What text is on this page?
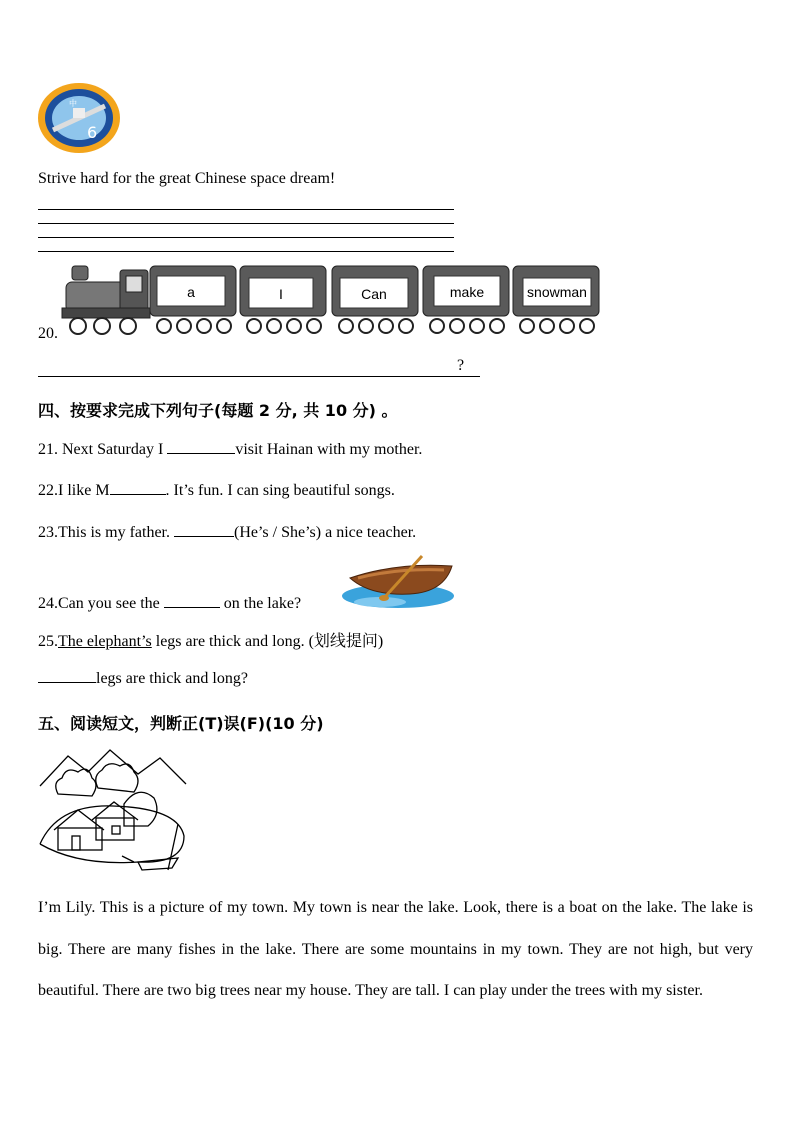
6
中
Strive hard for the great Chinese space dream!
20.
a	I	Can	make	snowman
?
四、按要求完成下列句子(每题 2 分, 共 10 分) 。
21. Next Saturday I	visit Hainan with my mother.
22.I like M	. It’s fun. I can sing beautiful songs.
23.This is my father.	(He’s / She’s) a nice teacher.
24.Can you see the	on the lake?
25.The elephant’s legs are thick and long. (划线提问)
legs are thick and long?
五、阅读短文，判断正(T)误(F)(10 分)
I’m Lily. This is a picture of my town. My town is near the lake. Look, there is a boat on the lake. The lake is big. There are many fishes in the lake. There are some mountains in my town. They are not high, but very beautiful. There are two big trees near my house. They are tall. I can play under the trees with my sister.
